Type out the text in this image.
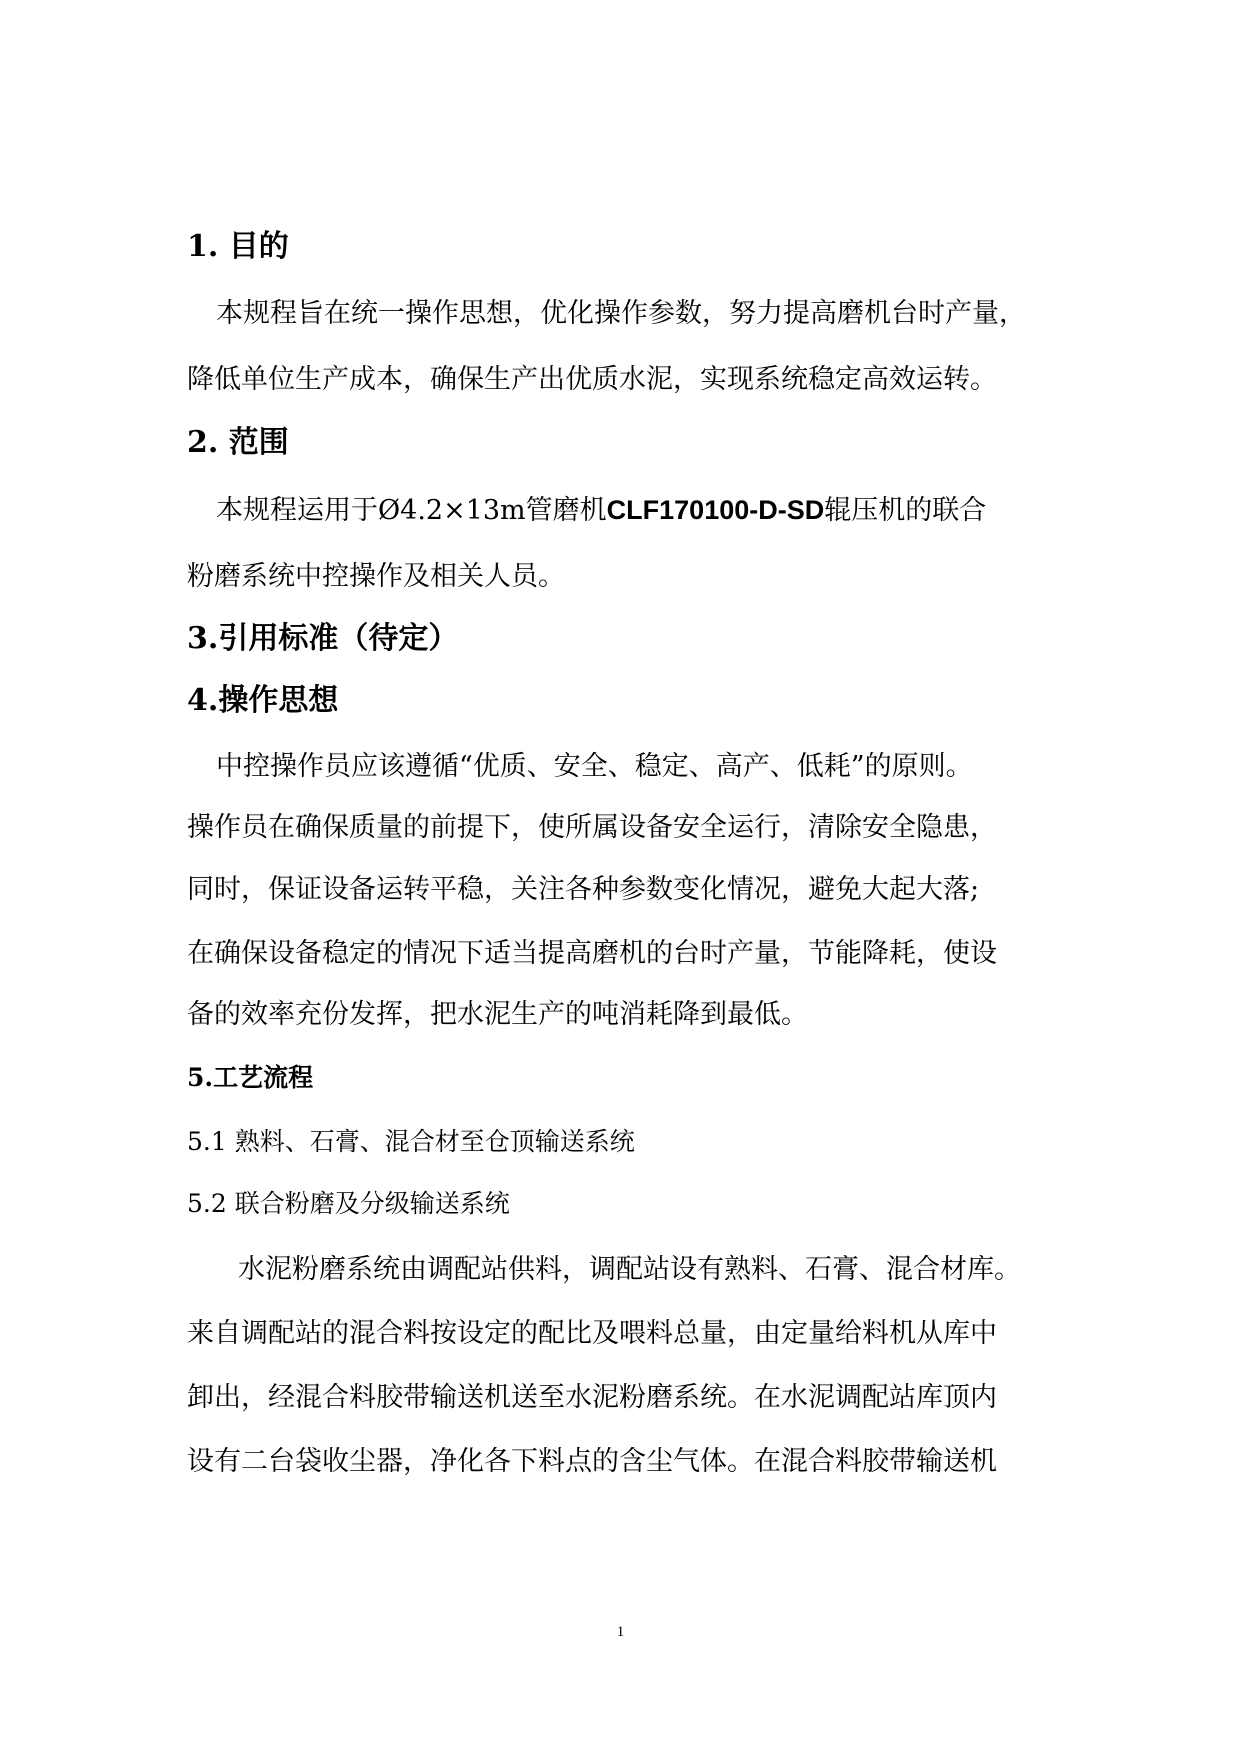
1. 目的
本规程旨在统一操作思想，优化操作参数，努力提高磨机台时产量，
降低单位生产成本，确保生产出优质水泥，实现系统稳定高效运转。
2. 范围
本规程运用于Ø4.2×13m管磨机CLF170100-D-SD辊压机的联合
粉磨系统中控操作及相关人员。
3.引用标准（待定）
4.操作思想
中控操作员应该遵循“优质、安全、稳定、高产、低耗”的原则。
操作员在确保质量的前提下，使所属设备安全运行，清除安全隐患，
同时，保证设备运转平稳，关注各种参数变化情况，避免大起大落;
在确保设备稳定的情况下适当提高磨机的台时产量，节能降耗，使设
备的效率充份发挥，把水泥生产的吨消耗降到最低。
5.工艺流程
5.1 熟料、石膏、混合材至仓顶输送系统
5.2 联合粉磨及分级输送系统
水泥粉磨系统由调配站供料，调配站设有熟料、石膏、混合材库。
来自调配站的混合料按设定的配比及喂料总量，由定量给料机从库中
卸出，经混合料胶带输送机送至水泥粉磨系统。在水泥调配站库顶内
设有二台袋收尘器，净化各下料点的含尘气体。在混合料胶带输送机
1
